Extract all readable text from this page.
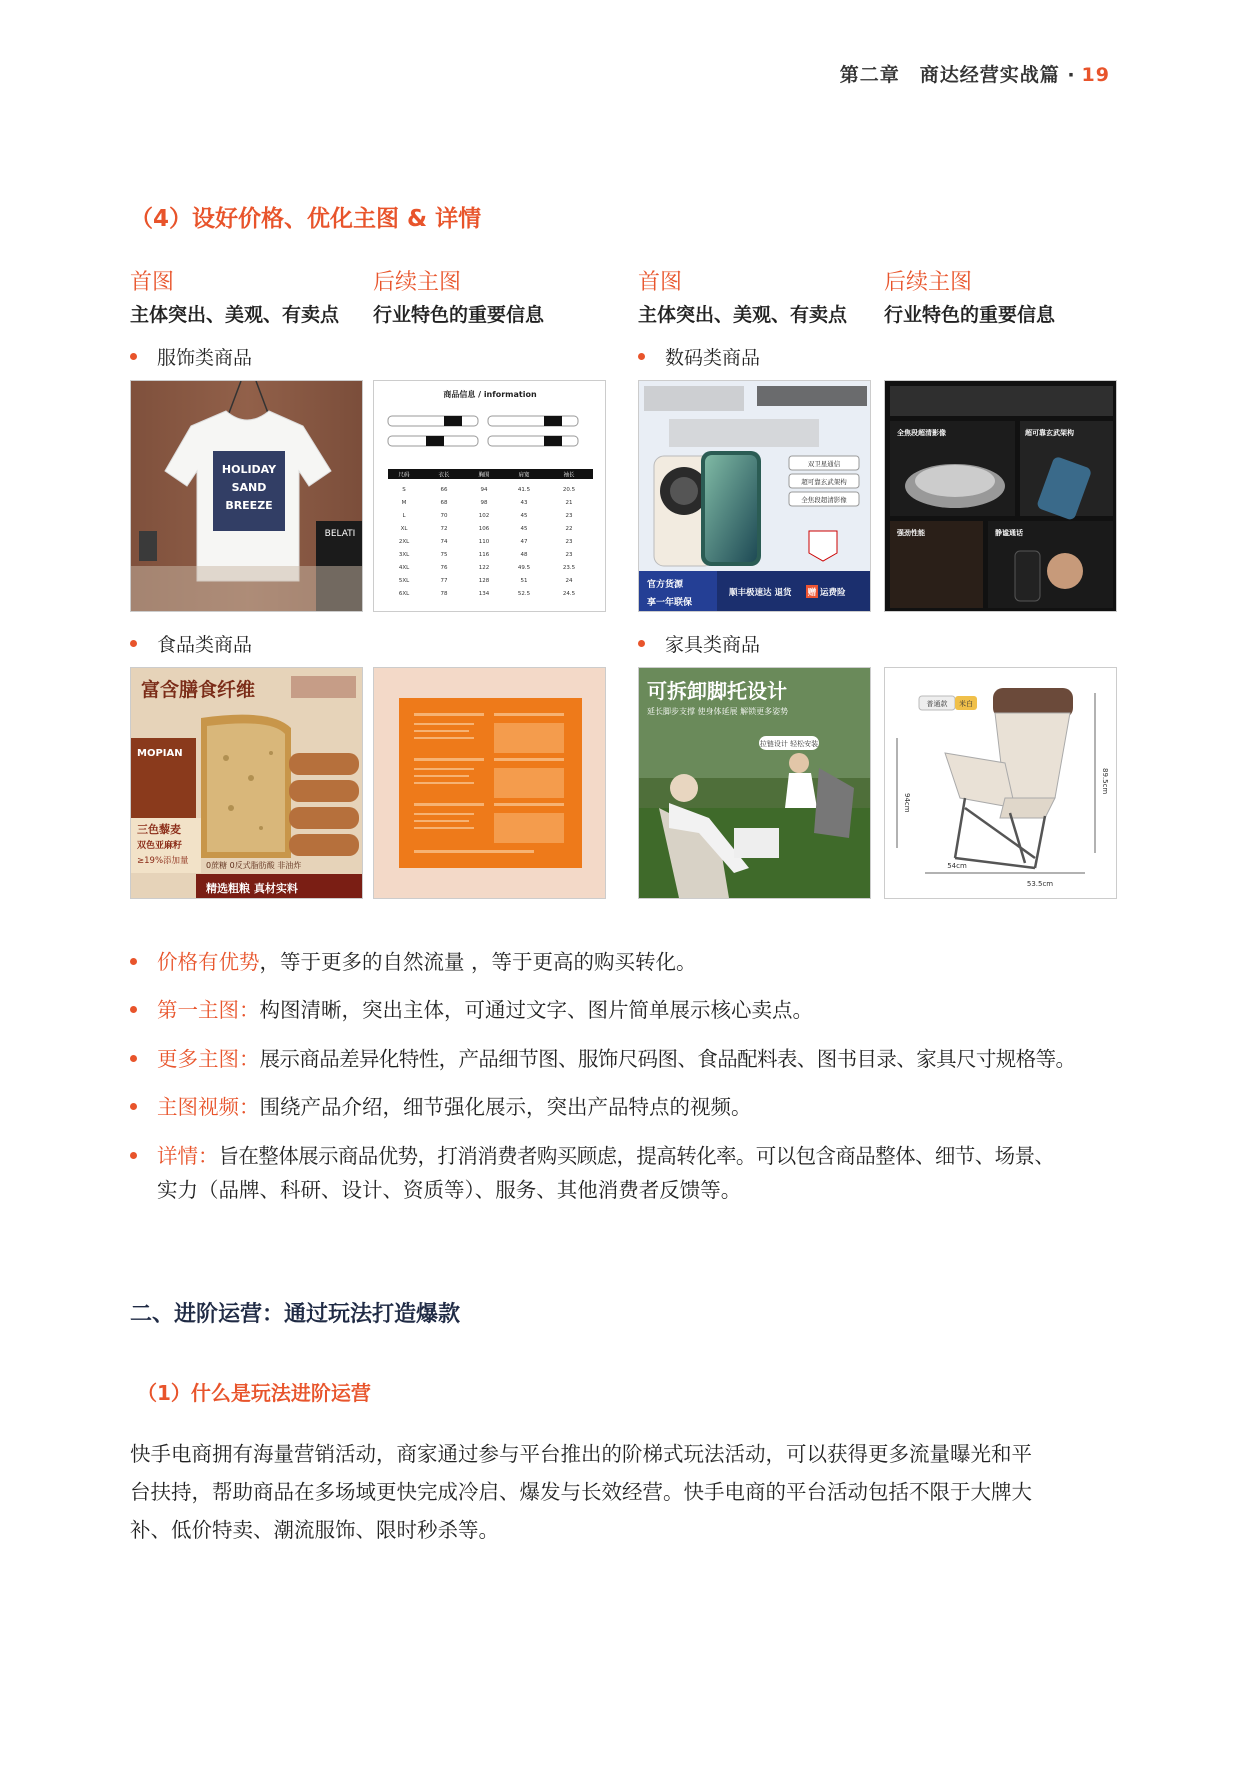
第二章　商达经营实战篇 · 19
（4）设好价格、优化主图 & 详情
首图
主体突出、美观、有卖点
后续主图
行业特色的重要信息
首图
主体突出、美观、有卖点
后续主图
行业特色的重要信息
服饰类商品	数码类商品
食品类商品	家具类商品
HOLIDAY
SAND
BREEZE
BELATI
商品信息 / information
尺码	衣长	胸围	肩宽	袖长
S	66	94	41.5	20.5
M	68	98	43	21
L	70	102	45	23
XL	72	106	45	22
2XL	74	110	47	23
3XL	75	116	48	23
4XL	76	122	49.5	23.5
5XL	77	128	51	24
6XL	78	134	52.5	24.5
双卫星通信
超可靠玄武架构
全焦段超清影像
官方货源
享一年联保
顺丰极速达 退货 赠 运费险
全焦段超清影像	超可靠玄武架构
强劲性能	静谧通话
富含膳食纤维
MOPIAN
三色藜麦
双色亚麻籽
≥19%添加量 0蔗糖 0反式脂肪酸 非油炸
精选粗粮 真材实料
可拆卸脚托设计
延长脚步支撑 使身体延展 解锁更多姿势
拉链设计 轻松安装
普通款 米白
54cm
53.5cm
94cm
89.5cm
价格有优势，等于更多的自然流量 ，等于更高的购买转化。
第一主图：构图清晰，突出主体，可通过文字、图片简单展示核心卖点。
更多主图：展示商品差异化特性，产品细节图、服饰尺码图、食品配料表、图书目录、家具尺寸规格等。
主图视频：围绕产品介绍，细节强化展示，突出产品特点的视频。
详情：旨在整体展示商品优势，打消消费者购买顾虑，提高转化率。可以包含商品整体、细节、场景、
实力（品牌、科研、设计、资质等）、服务、其他消费者反馈等。
二、进阶运营：通过玩法打造爆款
（1）什么是玩法进阶运营
快手电商拥有海量营销活动，商家通过参与平台推出的阶梯式玩法活动，可以获得更多流量曝光和平
台扶持，帮助商品在多场域更快完成冷启、爆发与长效经营。快手电商的平台活动包括不限于大牌大
补、低价特卖、潮流服饰、限时秒杀等。
